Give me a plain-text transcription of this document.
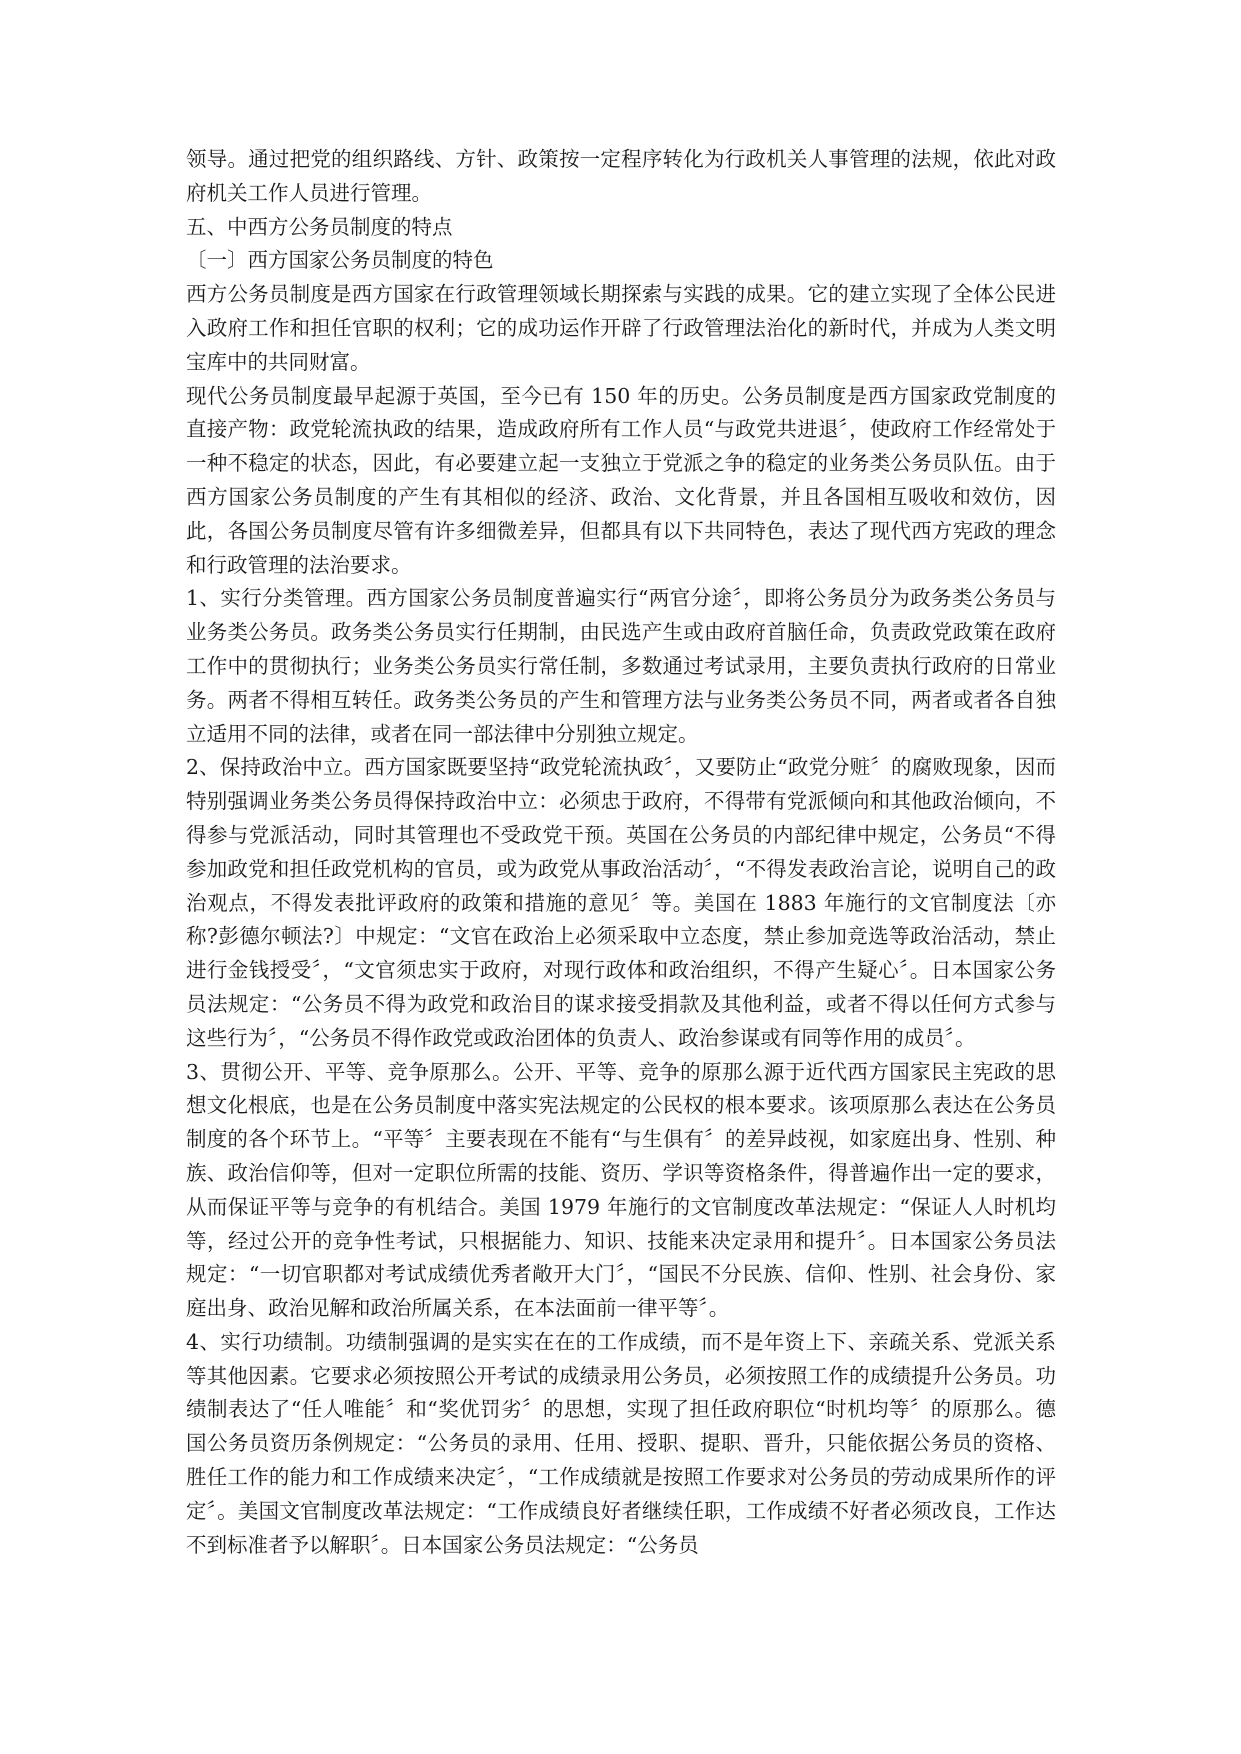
领导。通过把党的组织路线、方针、政策按一定程序转化为行政机关人事管理的法规，依此对政府机关工作人员进行管理。

五、中西方公务员制度的特点

〔一〕西方国家公务员制度的特色

西方公务员制度是西方国家在行政管理领域长期探索与实践的成果。它的建立实现了全体公民进入政府工作和担任官职的权利；它的成功运作开辟了行政管理法治化的新时代，并成为人类文明宝库中的共同财富。

现代公务员制度最早起源于英国，至今已有 150 年的历史。公务员制度是西方国家政党制度的直接产物：政党轮流执政的结果，造成政府所有工作人员“与政党共进退〞，使政府工作经常处于一种不稳定的状态，因此，有必要建立起一支独立于党派之争的稳定的业务类公务员队伍。由于西方国家公务员制度的产生有其相似的经济、政治、文化背景，并且各国相互吸收和效仿，因此，各国公务员制度尽管有许多细微差异，但都具有以下共同特色，表达了现代西方宪政的理念和行政管理的法治要求。

1、实行分类管理。西方国家公务员制度普遍实行“两官分途〞，即将公务员分为政务类公务员与业务类公务员。政务类公务员实行任期制，由民选产生或由政府首脑任命，负责政党政策在政府工作中的贯彻执行；业务类公务员实行常任制，多数通过考试录用，主要负责执行政府的日常业务。两者不得相互转任。政务类公务员的产生和管理方法与业务类公务员不同，两者或者各自独立适用不同的法律，或者在同一部法律中分别独立规定。

2、保持政治中立。西方国家既要坚持“政党轮流执政〞，又要防止“政党分赃〞的腐败现象，因而特别强调业务类公务员得保持政治中立：必须忠于政府，不得带有党派倾向和其他政治倾向，不得参与党派活动，同时其管理也不受政党干预。英国在公务员的内部纪律中规定，公务员“不得参加政党和担任政党机构的官员，或为政党从事政治活动〞，“不得发表政治言论，说明自己的政治观点，不得发表批评政府的政策和措施的意见〞等。美国在 1883 年施行的文官制度法〔亦称?彭德尔顿法?〕中规定：“文官在政治上必须采取中立态度，禁止参加竞选等政治活动，禁止进行金钱授受〞，“文官须忠实于政府，对现行政体和政治组织，不得产生疑心〞。日本国家公务员法规定：“公务员不得为政党和政治目的谋求接受捐款及其他利益，或者不得以任何方式参与这些行为〞，“公务员不得作政党或政治团体的负责人、政治参谋或有同等作用的成员〞。

3、贯彻公开、平等、竞争原那么。公开、平等、竞争的原那么源于近代西方国家民主宪政的思想文化根底，也是在公务员制度中落实宪法规定的公民权的根本要求。该项原那么表达在公务员制度的各个环节上。“平等〞主要表现在不能有“与生俱有〞的差异歧视，如家庭出身、性别、种族、政治信仰等，但对一定职位所需的技能、资历、学识等资格条件，得普遍作出一定的要求，从而保证平等与竞争的有机结合。美国 1979 年施行的文官制度改革法规定：“保证人人时机均等，经过公开的竞争性考试，只根据能力、知识、技能来决定录用和提升〞。日本国家公务员法规定：“一切官职都对考试成绩优秀者敞开大门〞，“国民不分民族、信仰、性别、社会身份、家庭出身、政治见解和政治所属关系，在本法面前一律平等〞。

4、实行功绩制。功绩制强调的是实实在在的工作成绩，而不是年资上下、亲疏关系、党派关系等其他因素。它要求必须按照公开考试的成绩录用公务员，必须按照工作的成绩提升公务员。功绩制表达了“任人唯能〞和“奖优罚劣〞的思想，实现了担任政府职位“时机均等〞的原那么。德国公务员资历条例规定：“公务员的录用、任用、授职、提职、晋升，只能依据公务员的资格、胜任工作的能力和工作成绩来决定〞，“工作成绩就是按照工作要求对公务员的劳动成果所作的评定〞。美国文官制度改革法规定：“工作成绩良好者继续任职，工作成绩不好者必须改良，工作达不到标准者予以解职〞。日本国家公务员法规定：“公务员
